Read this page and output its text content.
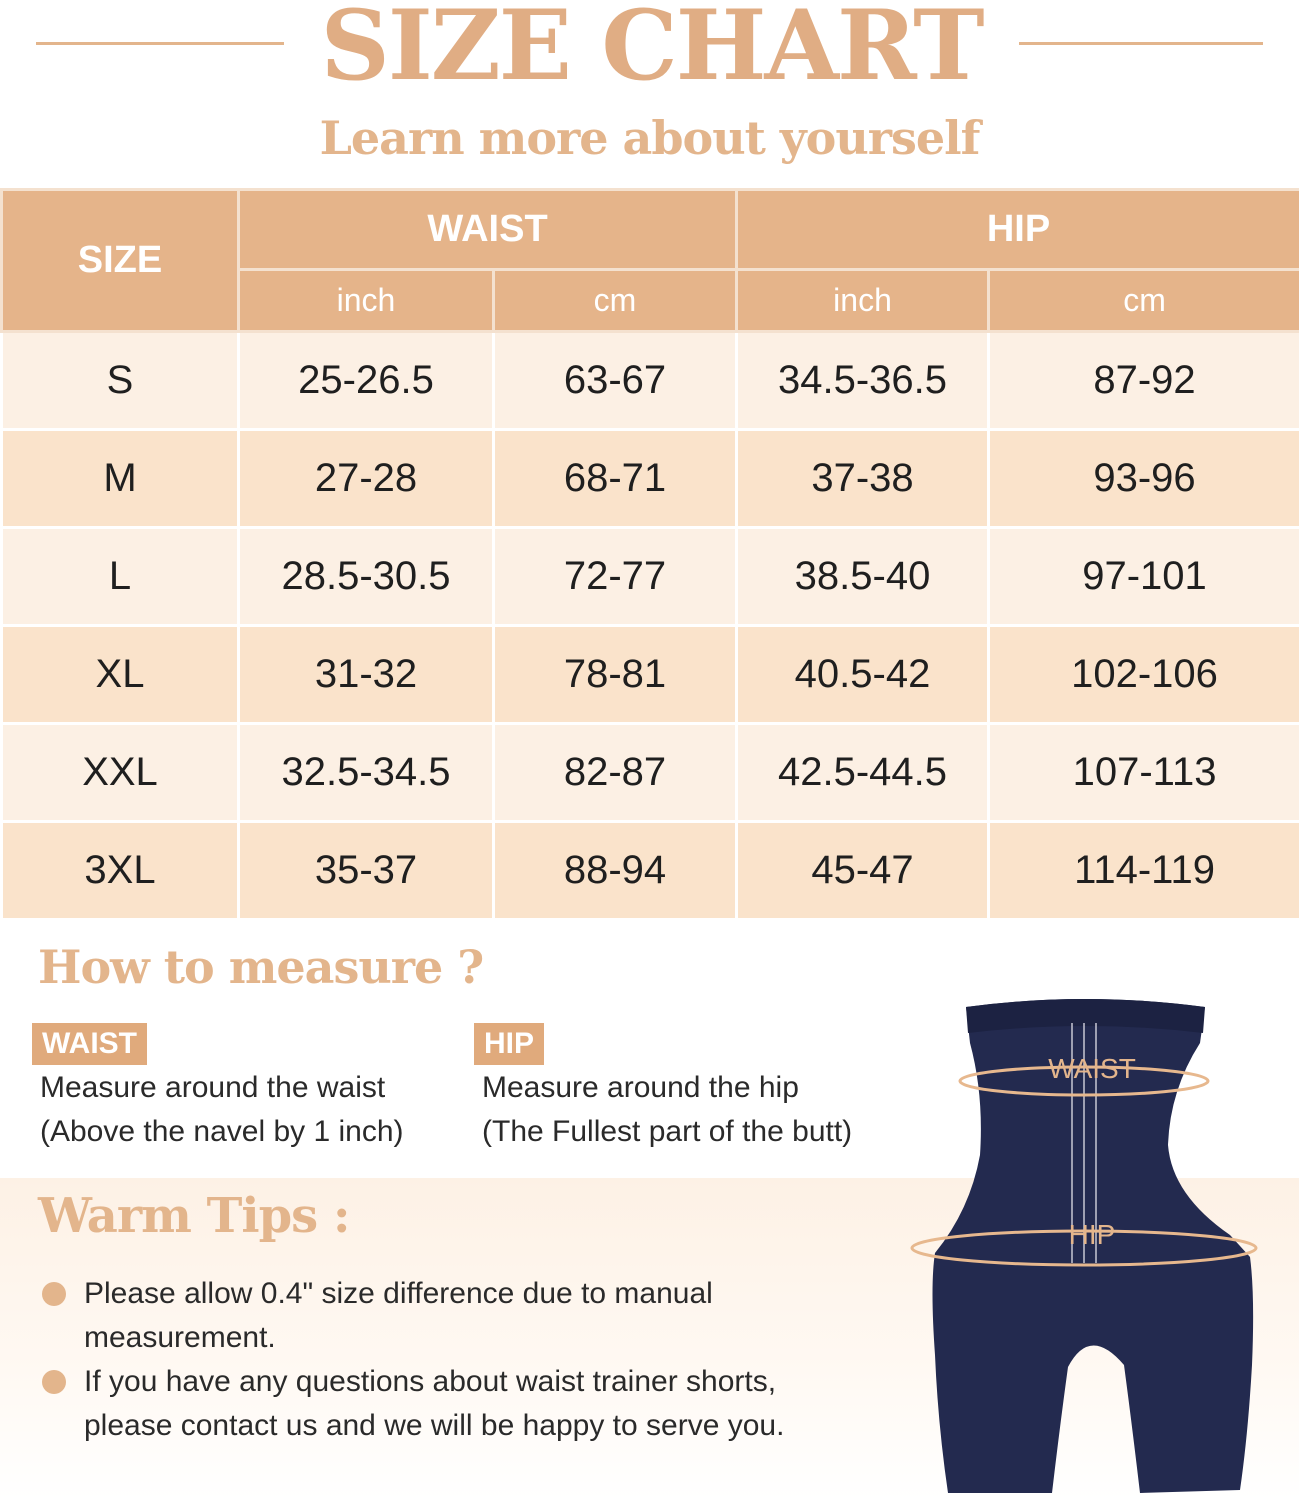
SIZE CHART
Learn more about yourself
SIZE	WAIST		HIP	
	inch	cm	inch	cm
S	25-26.5	63-67	34.5-36.5	87-92
M	27-28	68-71	37-38	93-96
L	28.5-30.5	72-77	38.5-40	97-101
XL	31-32	78-81	40.5-42	102-106
XXL	32.5-34.5	82-87	42.5-44.5	107-113
3XL	35-37	88-94	45-47	114-119
How to measure ?
WAIST
Measure around the waist
(Above the navel by 1 inch)
HIP
Measure around the hip
(The Fullest part of the butt)
Warm Tips :
Please allow 0.4" size difference due to manual measurement.
If you have any questions about waist trainer shorts, please contact us and we will be happy to serve you.
WAIST
HIP
